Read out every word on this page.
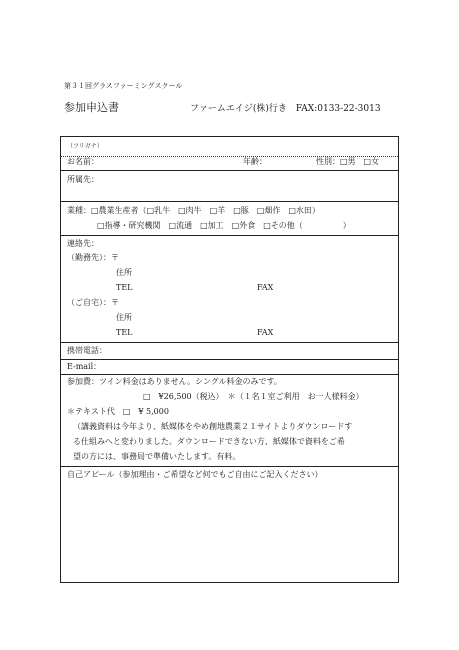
第３１回グラスファーミングスクール
参加申込書	ファームエイジ(株)行き　FAX:0133-22-3013
（フリガナ）
お名前：	年齢：	性別：□男　□女
所属先：
業種：□農業生産者（□乳牛　□肉牛　□羊　□豚　□畑作　□水田）
□指導・研究機関　□流通　□加工　□外食　□その他（　　　　　）
連絡先：
（勤務先）：〒
住所
TEL	FAX
（ご自宅）：〒
住所
TEL	FAX
携帯電話：
E-mail：
参加費：ツイン料金はありません。シングル料金のみです。
□　¥26,500（税込）　＊（１名１室ご利用　お一人様料金）
＊テキスト代　□　¥ 5,000
（講義資料は今年より、紙媒体をやめ創地農業２１サイトよりダウンロードす
る仕組みへと変わりました。ダウンロードできない方、紙媒体で資料をご希
望の方には、事務局で準備いたします。有料。
自己アピール（参加理由・ご希望など何でもご自由にご記入ください）
